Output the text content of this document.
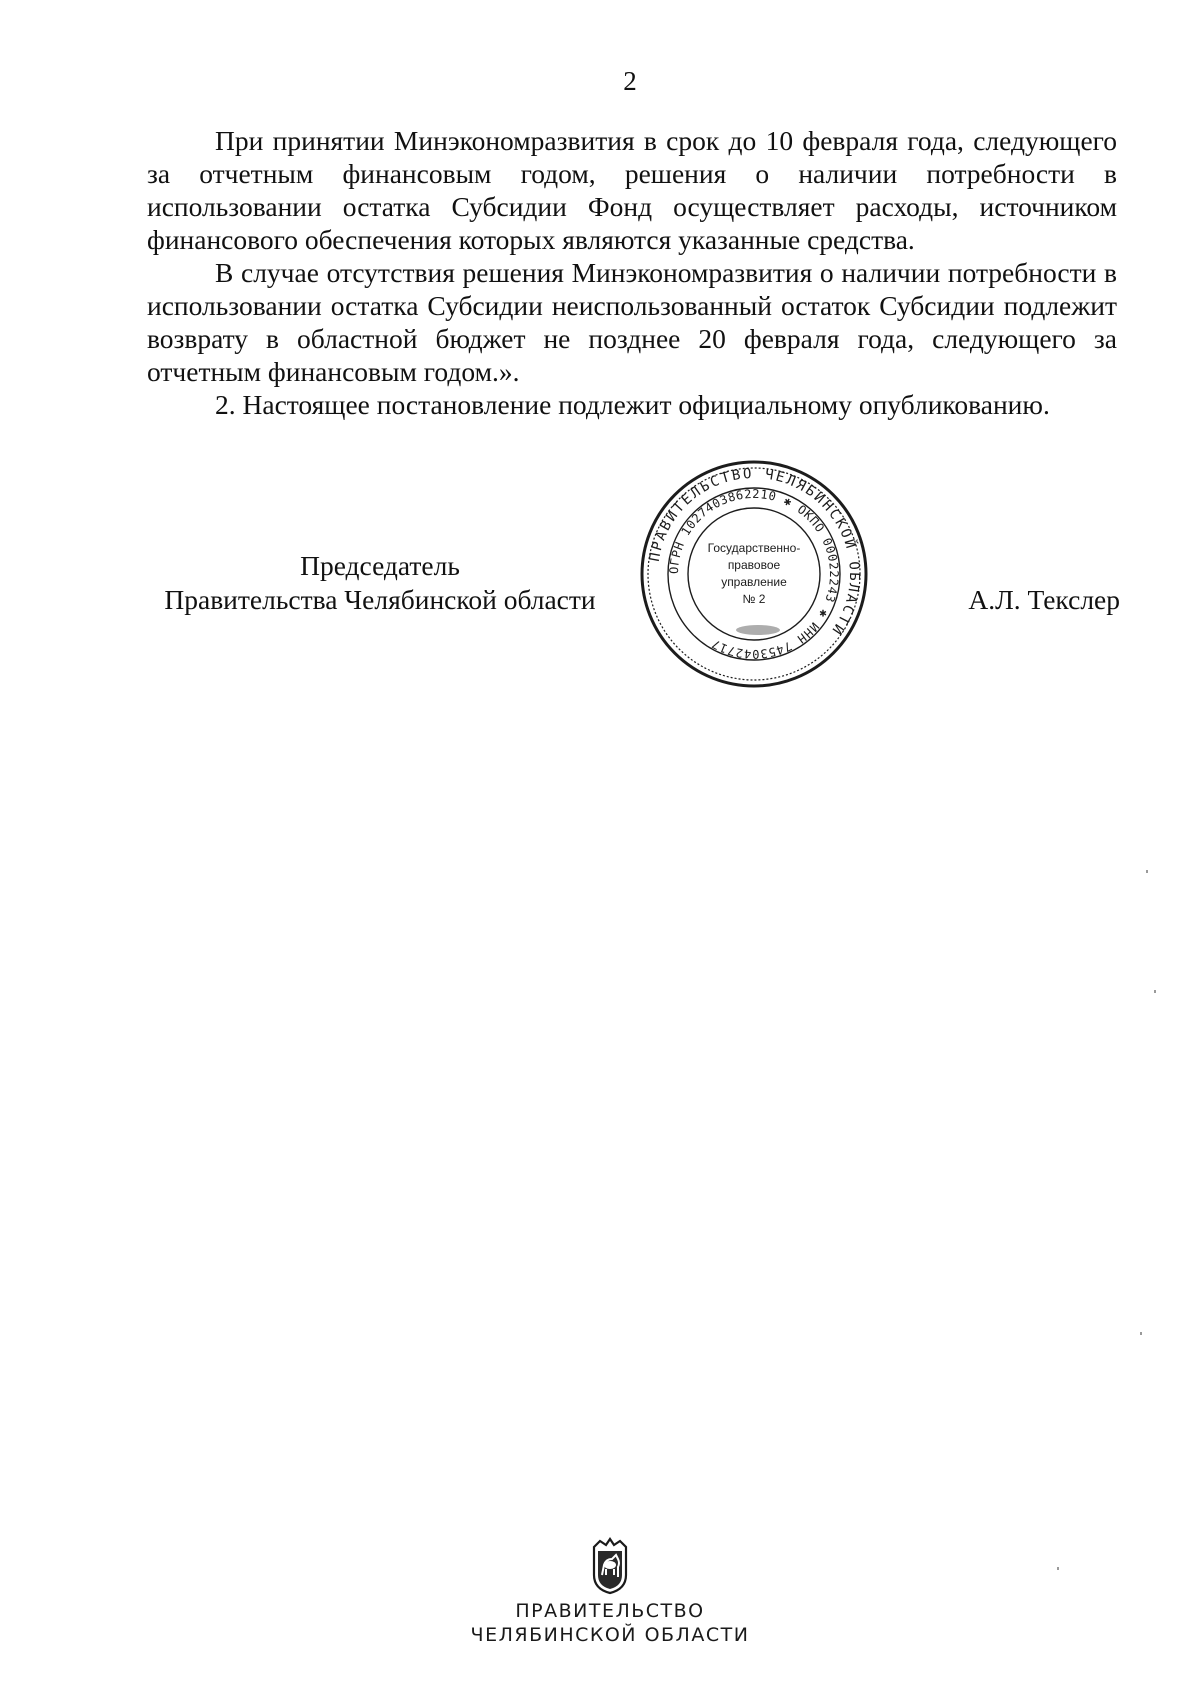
2

При принятии Минэкономразвития в срок до 10 февраля года, следующего за отчетным финансовым годом, решения о наличии потребности в использовании остатка Субсидии Фонд осуществляет расходы, источником финансового обеспечения которых являются указанные средства.

В случае отсутствия решения Минэкономразвития о наличии потребности в использовании остатка Субсидии неиспользованный остаток Субсидии подлежит возврату в областной бюджет не позднее 20 февраля года, следующего за отчетным финансовым годом.».

2. Настоящее постановление подлежит официальному опубликованию.

Председатель
Правительства Челябинской области	А.Л. Текслер
ПРАВИТЕЛЬСТВО ЧЕЛЯБИНСКОЙ ОБЛАСТИ
ОГРН 1027403862210 ✱ ОКПО 00022243 ✱ ИНН 7453042717
Государственно-
правовое
управление
№ 2
ПРАВИТЕЛЬСТВО
ЧЕЛЯБИНСКОЙ ОБЛАСТИ
